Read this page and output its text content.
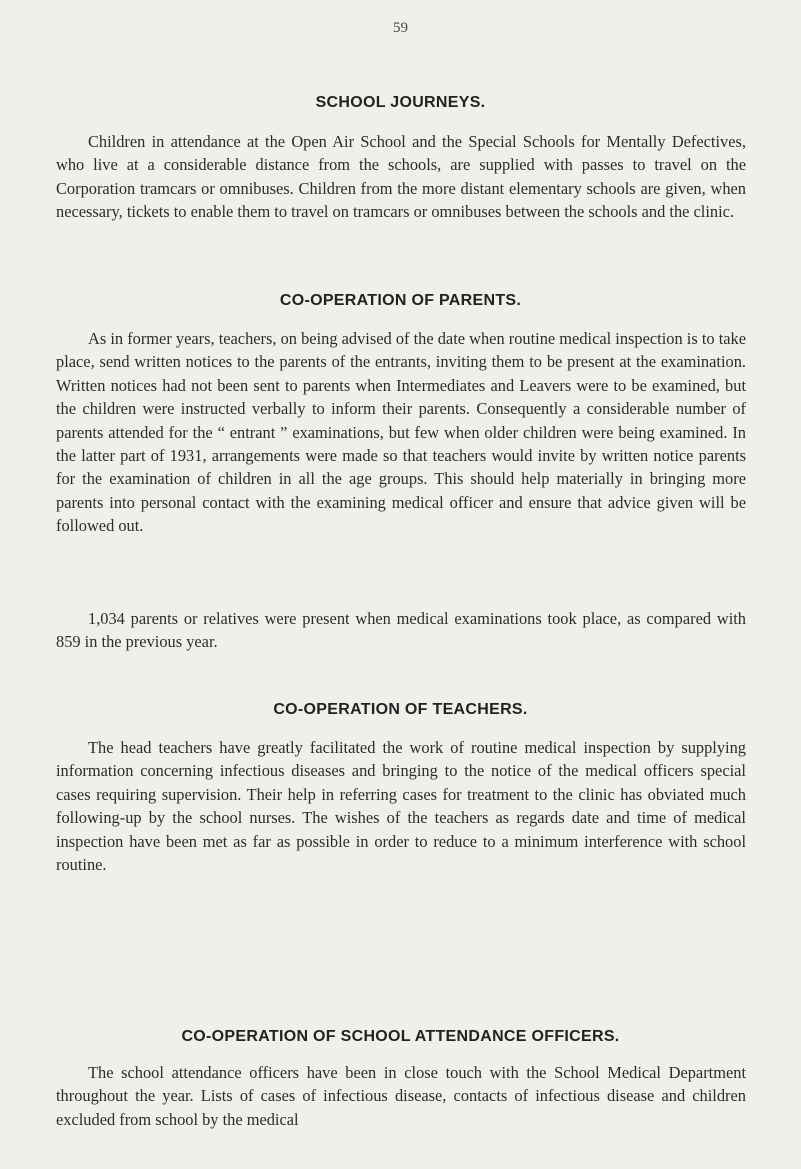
59
SCHOOL JOURNEYS.

Children in attendance at the Open Air School and the Special Schools for Mentally Defectives, who live at a considerable distance from the schools, are supplied with passes to travel on the Corporation tramcars or omnibuses. Children from the more distant elementary schools are given, when necessary, tickets to enable them to travel on tramcars or omnibuses between the schools and the clinic.

CO-OPERATION OF PARENTS.

As in former years, teachers, on being advised of the date when routine medical inspection is to take place, send written notices to the parents of the entrants, inviting them to be present at the examination. Written notices had not been sent to parents when Intermediates and Leavers were to be examined, but the children were instructed verbally to inform their parents. Consequently a considerable number of parents attended for the “ entrant ” examinations, but few when older children were being examined. In the latter part of 1931, arrangements were made so that teachers would invite by written notice parents for the examination of children in all the age groups. This should help materially in bringing more parents into personal contact with the examining medical officer and ensure that advice given will be followed out.

1,034 parents or relatives were present when medical examinations took place, as compared with 859 in the previous year.

CO-OPERATION OF TEACHERS.

The head teachers have greatly facilitated the work of routine medical inspection by supplying information concerning infectious diseases and bringing to the notice of the medical officers special cases requiring supervision. Their help in referring cases for treatment to the clinic has obviated much following-up by the school nurses. The wishes of the teachers as regards date and time of medical inspection have been met as far as possible in order to reduce to a minimum interference with school routine.

CO-OPERATION OF SCHOOL ATTENDANCE OFFICERS.

The school attendance officers have been in close touch with the School Medical Department throughout the year. Lists of cases of infectious disease, contacts of infectious disease and children excluded from school by the medical
